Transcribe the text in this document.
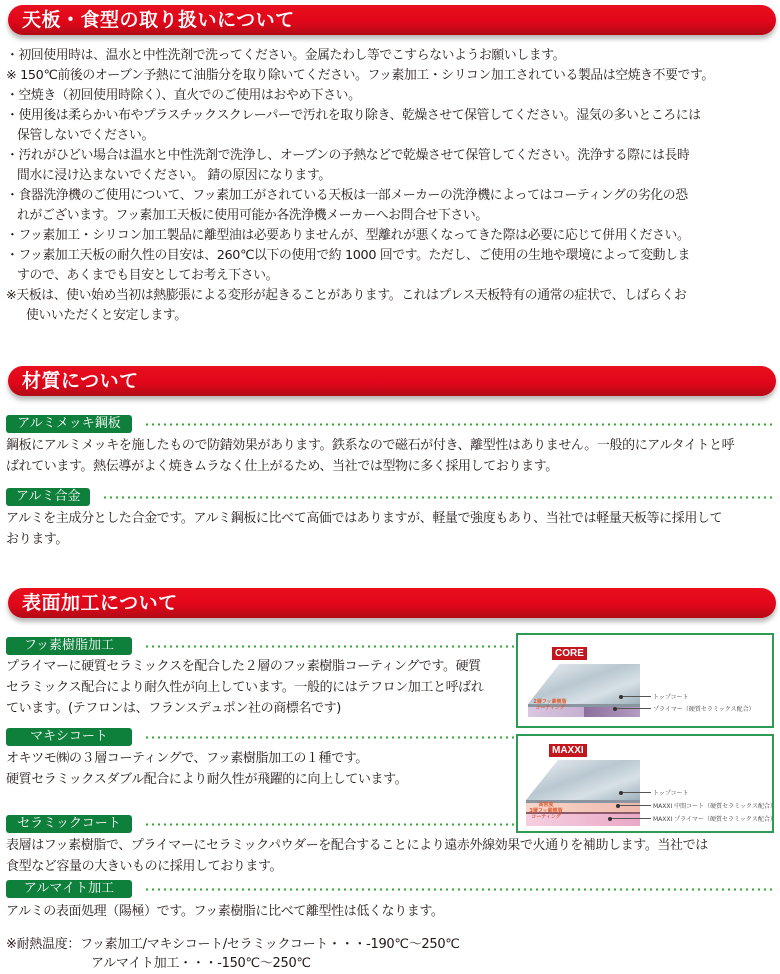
天板・食型の取り扱いについて
・初回使用時は、温水と中性洗剤で洗ってください。金属たわし等でこすらないようお願いします。
※ 150℃前後のオーブン予熱にて油脂分を取り除いてください。フッ素加工・シリコン加工されている製品は空焼き不要です。
・空焼き（初回使用時除く）、直火でのご使用はおやめ下さい。
・使用後は柔らかい布やプラスチックスクレーパーで汚れを取り除き、乾燥させて保管してください。湿気の多いところには
保管しないでください。
・汚れがひどい場合は温水と中性洗剤で洗浄し、オーブンの予熱などで乾燥させて保管してください。洗浄する際には長時
間水に浸け込まないでください。 錆の原因になります。
・食器洗浄機のご使用について、フッ素加工がされている天板は一部メーカーの洗浄機によってはコーティングの劣化の恐
れがございます。フッ素加工天板に使用可能か各洗浄機メーカーへお問合せ下さい。
・フッ素加工・シリコン加工製品に離型油は必要ありませんが、型離れが悪くなってきた際は必要に応じて併用ください。
・フッ素加工天板の耐久性の目安は、260℃以下の使用で約 1000 回です。ただし、ご使用の生地や環境によって変動しま
すので、あくまでも目安としてお考え下さい。
※天板は、使い始め当初は熱膨張による変形が起きることがあります。これはプレス天板特有の通常の症状で、しばらくお
使いいただくと安定します。
材質について
アルミメッキ鋼板
鋼板にアルミメッキを施したもので防錆効果があります。鉄系なので磁石が付き、離型性はありません。一般的にアルタイトと呼
ばれています。熱伝導がよく焼きムラなく仕上がるため、当社では型物に多く採用しております。
アルミ合金
アルミを主成分とした合金です。アルミ鋼板に比べて高価ではありますが、軽量で強度もあり、当社では軽量天板等に採用して
おります。
表面加工について
フッ素樹脂加工
プライマーに硬質セラミックスを配合した２層のフッ素樹脂コーティングです。硬質
セラミックス配合により耐久性が向上しています。一般的にはテフロン加工と呼ばれ
ています。(テフロンは、フランスデュポン社の商標名です)
マキシコート
オキツモ㈱の３層コーティングで、フッ素樹脂加工の１種です。
硬質セラミックスダブル配合により耐久性が飛躍的に向上しています。
CORE
2層フッ素樹脂
コーティング
トップコート
プライマー（硬質セラミックス配合）
MAXXI
高密度
3層フッ素樹脂
コーティング
トップコート
MAXXI 中間コート（硬質セラミックス配合）
MAXXI プライマー（硬質セラミックス配合）
セラミックコート
表層はフッ素樹脂で、プライマーにセラミックパウダーを配合することにより遠赤外線効果で火通りを補助します。当社では
食型など容量の大きいものに採用しております。
アルマイト加工
アルミの表面処理（陽極）です。フッ素樹脂に比べて離型性は低くなります。
※耐熱温度：フッ素加工/マキシコート/セラミックコート・・・-190℃～250℃
アルマイト加工・・・-150℃～250℃
